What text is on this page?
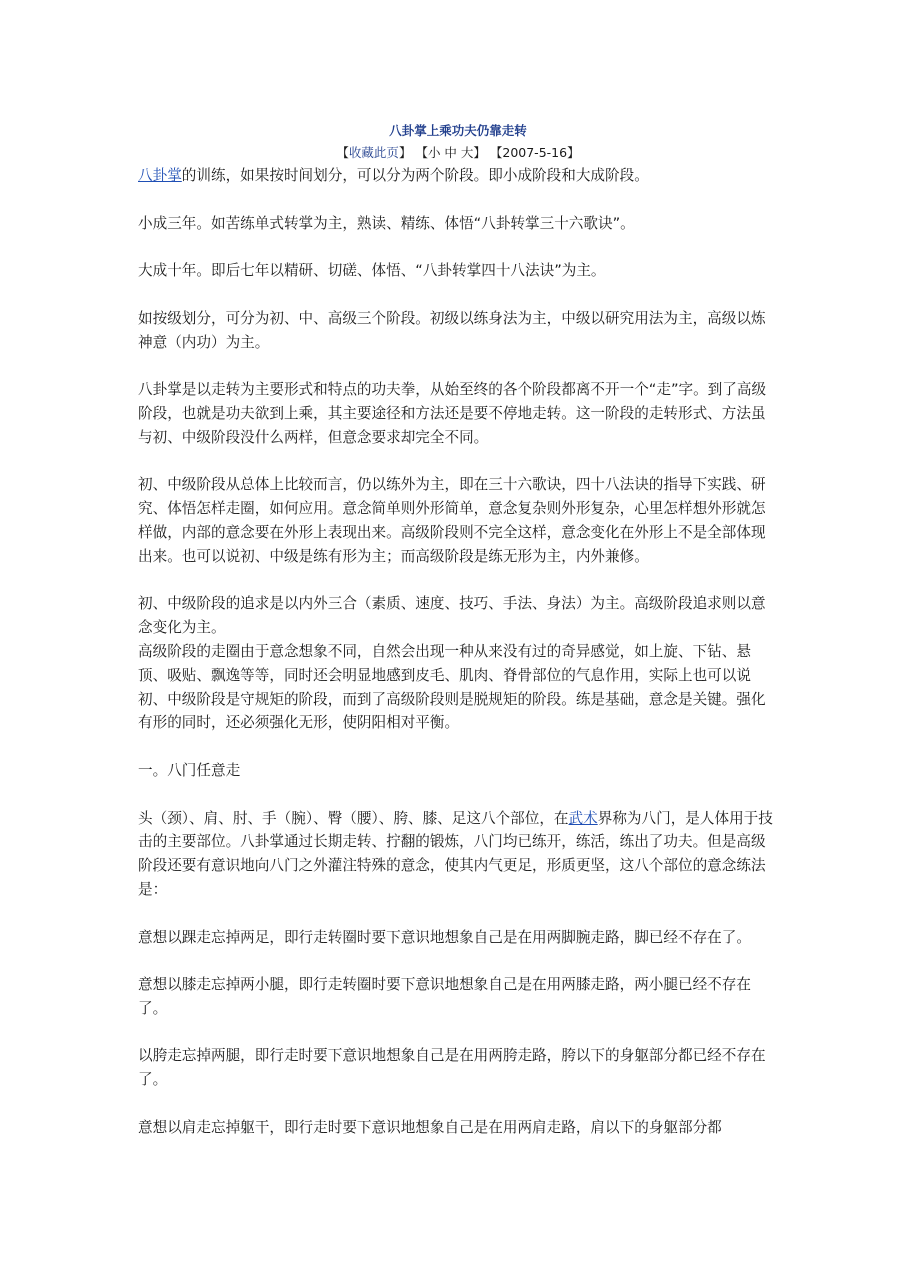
八卦掌上乘功夫仍靠走转
【收藏此页】 【小 中 大】 【2007-5-16】

八卦掌的训练，如果按时间划分，可以分为两个阶段。即小成阶段和大成阶段。

小成三年。如苦练单式转掌为主，熟读、精练、体悟“八卦转掌三十六歌诀”。

大成十年。即后七年以精研、切磋、体悟、“八卦转掌四十八法诀”为主。

如按级划分，可分为初、中、高级三个阶段。初级以练身法为主，中级以研究用法为主，高级以炼神意（内功）为主。

八卦掌是以走转为主要形式和特点的功夫拳，从始至终的各个阶段都离不开一个“走”字。到了高级阶段，也就是功夫欲到上乘，其主要途径和方法还是要不停地走转。这一阶段的走转形式、方法虽与初、中级阶段没什么两样，但意念要求却完全不同。

初、中级阶段从总体上比较而言，仍以练外为主，即在三十六歌诀，四十八法诀的指导下实践、研究、体悟怎样走圈，如何应用。意念简单则外形简单，意念复杂则外形复杂，心里怎样想外形就怎样做，内部的意念要在外形上表现出来。高级阶段则不完全这样，意念变化在外形上不是全部体现出来。也可以说初、中级是练有形为主；而高级阶段是练无形为主，内外兼修。

初、中级阶段的追求是以内外三合（素质、速度、技巧、手法、身法）为主。高级阶段追求则以意念变化为主。

高级阶段的走圈由于意念想象不同，自然会出现一种从来没有过的奇异感觉，如上旋、下钻、悬顶、吸贴、飘逸等等，同时还会明显地感到皮毛、肌肉、脊骨部位的气息作用，实际上也可以说初、中级阶段是守规矩的阶段，而到了高级阶段则是脱规矩的阶段。练是基础，意念是关键。强化有形的同时，还必须强化无形，使阴阳相对平衡。

一。八门任意走

头（颈）、肩、肘、手（腕）、臀（腰）、胯、膝、足这八个部位，在武术界称为八门，是人体用于技击的主要部位。八卦掌通过长期走转、拧翻的锻炼，八门均已练开，练活，练出了功夫。但是高级阶段还要有意识地向八门之外灌注特殊的意念，使其内气更足，形质更坚，这八个部位的意念练法是：

意想以踝走忘掉两足，即行走转圈时要下意识地想象自己是在用两脚腕走路，脚已经不存在了。

意想以膝走忘掉两小腿，即行走转圈时要下意识地想象自己是在用两膝走路，两小腿已经不存在了。

以胯走忘掉两腿，即行走时要下意识地想象自己是在用两胯走路，胯以下的身躯部分都已经不存在了。

意想以肩走忘掉躯干，即行走时要下意识地想象自己是在用两肩走路，肩以下的身躯部分都
